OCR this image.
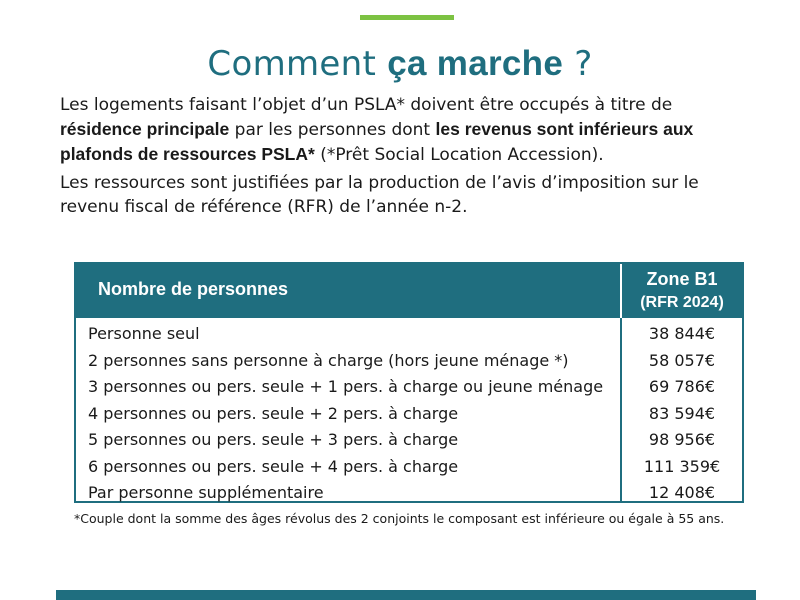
Comment ça marche ?
Les logements faisant l’objet d’un PSLA* doivent être occupés à titre de résidence principale par les personnes dont les revenus sont inférieurs aux plafonds de ressources PSLA* (*Prêt Social Location Accession).
Les ressources sont justifiées par la production de l’avis d’imposition sur le revenu fiscal de référence (RFR) de l’année n-2.
Nombre de personnes	Zone B1
(RFR 2024)
Personne seul	38 844€
2 personnes sans personne à charge (hors jeune ménage *)	58 057€
3 personnes ou pers. seule + 1 pers. à charge ou jeune ménage	69 786€
4 personnes ou pers. seule + 2 pers. à charge	83 594€
5 personnes ou pers. seule + 3 pers. à charge	98 956€
6 personnes ou pers. seule + 4 pers. à charge	111 359€
Par personne supplémentaire	12 408€
*Couple dont la somme des âges révolus des 2 conjoints le composant est inférieure ou égale à 55 ans.
